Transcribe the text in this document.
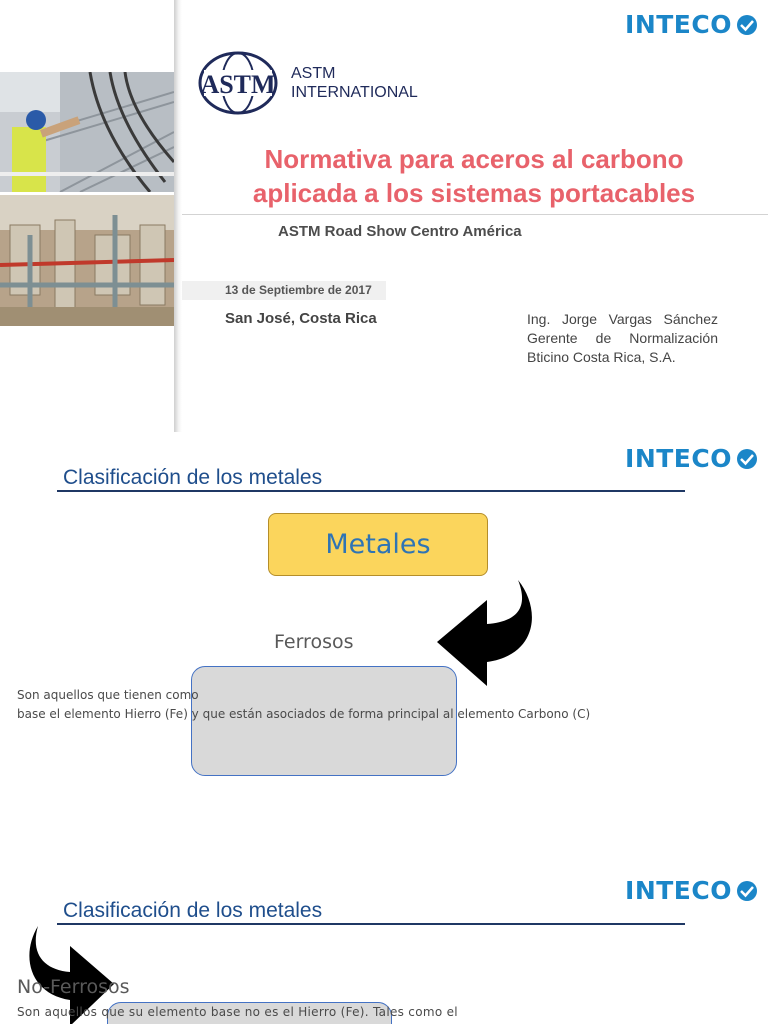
INTECO
ASTM ASTM
INTERNATIONAL
Normativa para aceros al carbono
aplicada a los sistemas portacables
ASTM Road Show Centro América
13 de Septiembre de 2017
San José, Costa Rica	Ing. Jorge Vargas Sánchez Gerente de Normalización Bticino Costa Rica, S.A.
INTECO
Clasificación de los metales
Metales
Ferrosos
Son aquellos que tienen como
base el elemento Hierro (Fe) y que están asociados de forma principal al elemento Carbono (C)
INTECO
Clasificación de los metales
No-Ferrosos
Son aquellos que su elemento base no es el Hierro (Fe). Tales como el
